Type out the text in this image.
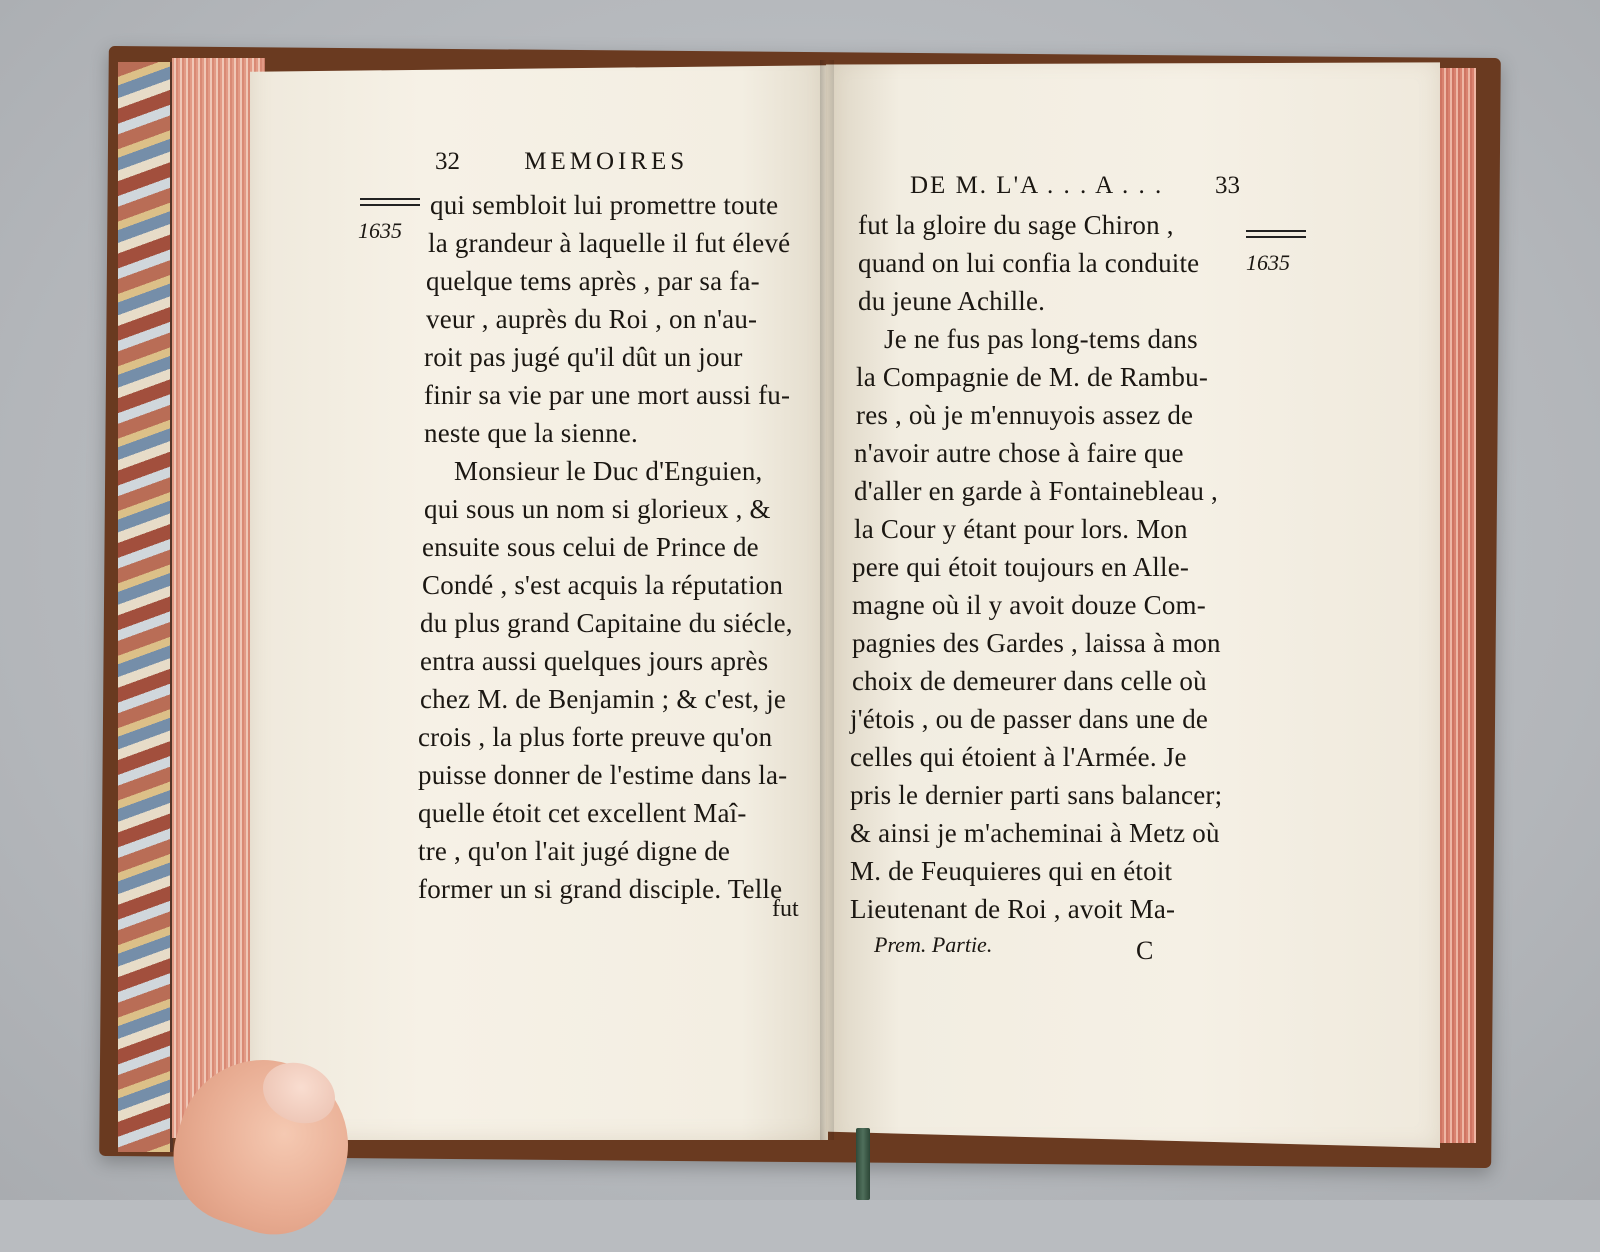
32	MEMOIRES
DE M. L'A . . . A . . . 33
1635
1635
qui sembloit lui promettre toute
la grandeur à laquelle il fut élevé
quelque tems après , par sa fa-
veur , auprès du Roi , on n'au-
roit pas jugé qu'il dût un jour
finir sa vie par une mort aussi fu-
neste que la sienne.
Monsieur le Duc d'Enguien,
qui sous un nom si glorieux , &
ensuite sous celui de Prince de
Condé , s'est acquis la réputation
du plus grand Capitaine du siécle,
entra aussi quelques jours après
chez M. de Benjamin ; & c'est, je
crois , la plus forte preuve qu'on
puisse donner de l'estime dans la-
quelle étoit cet excellent Maî-
tre , qu'on l'ait jugé digne de
former un si grand disciple. Telle
fut
fut la gloire du sage Chiron ,
quand on lui confia la conduite
du jeune Achille.
Je ne fus pas long-tems dans
la Compagnie de M. de Rambu-
res , où je m'ennuyois assez de
n'avoir autre chose à faire que
d'aller en garde à Fontainebleau ,
la Cour y étant pour lors. Mon
pere qui étoit toujours en Alle-
magne où il y avoit douze Com-
pagnies des Gardes , laissa à mon
choix de demeurer dans celle où
j'étois , ou de passer dans une de
celles qui étoient à l'Armée. Je
pris le dernier parti sans balancer;
& ainsi je m'acheminai à Metz où
M. de Feuquieres qui en étoit
Lieutenant de Roi , avoit Ma-
Prem. Partie.	C
